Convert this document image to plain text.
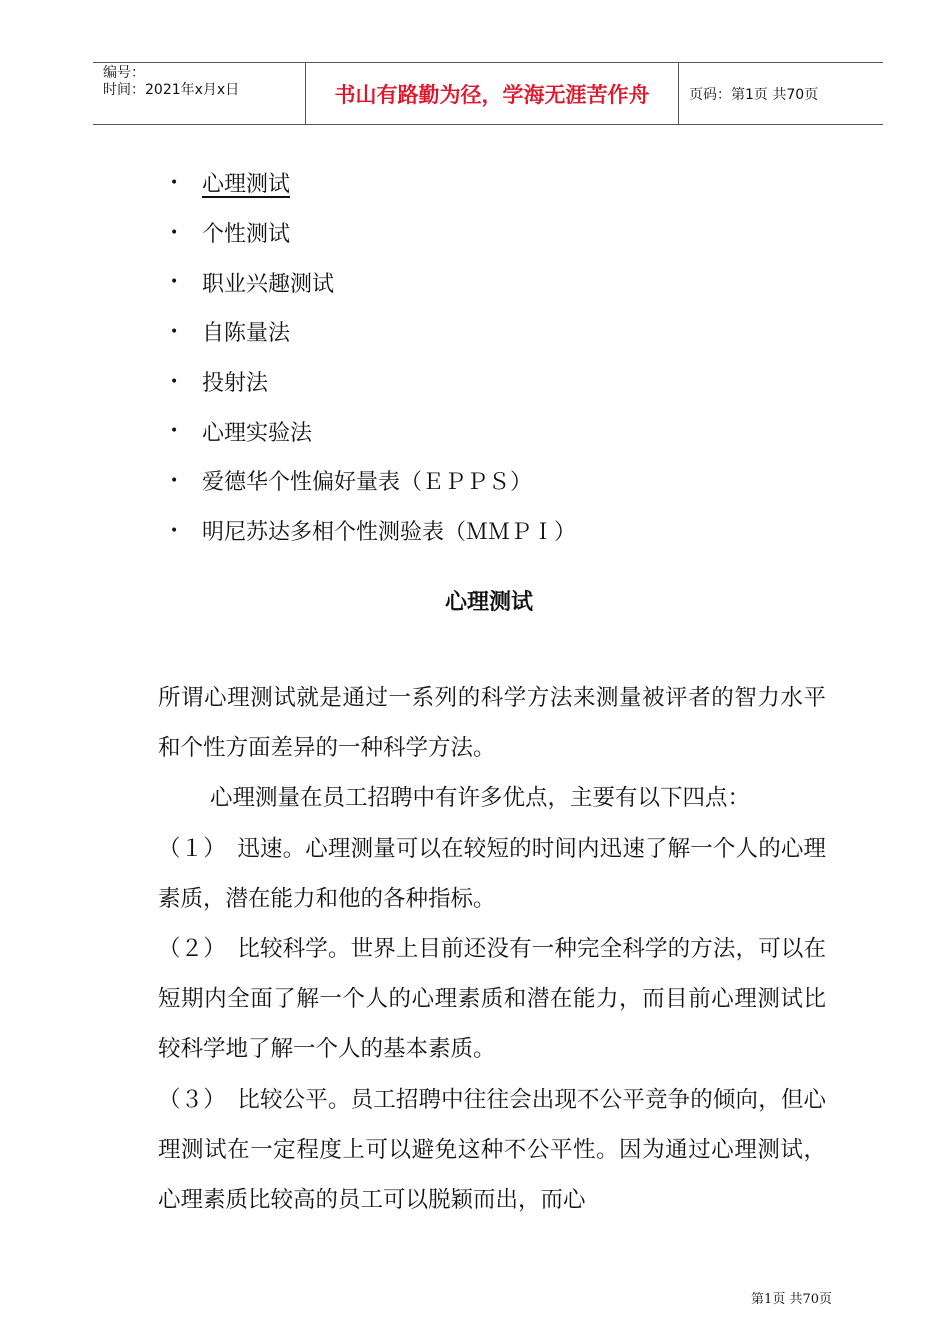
编号：
时间：2021年x月x日	书山有路勤为径，学海无涯苦作舟	页码：第1页 共70页
•	心理测试
•	个性测试
•	职业兴趣测试
•	自陈量法
•	投射法
•	心理实验法
•	爱德华个性偏好量表（ＥＰＰＳ）
•	明尼苏达多相个性测验表（ＭＭＰＩ）
心理测试

所谓心理测试就是通过一系列的科学方法来测量被评者的智力水平和个性方面差异的一种科学方法。

心理测量在员工招聘中有许多优点，主要有以下四点：

（１）　迅速。心理测量可以在较短的时间内迅速了解一个人的心理素质，潜在能力和他的各种指标。

（２）　比较科学。世界上目前还没有一种完全科学的方法，可以在短期内全面了解一个人的心理素质和潜在能力，而目前心理测试比较科学地了解一个人的基本素质。

（３）　比较公平。员工招聘中往往会出现不公平竞争的倾向，但心理测试在一定程度上可以避免这种不公平性。因为通过心理测试，心理素质比较高的员工可以脱颖而出，而心

第1页 共70页
